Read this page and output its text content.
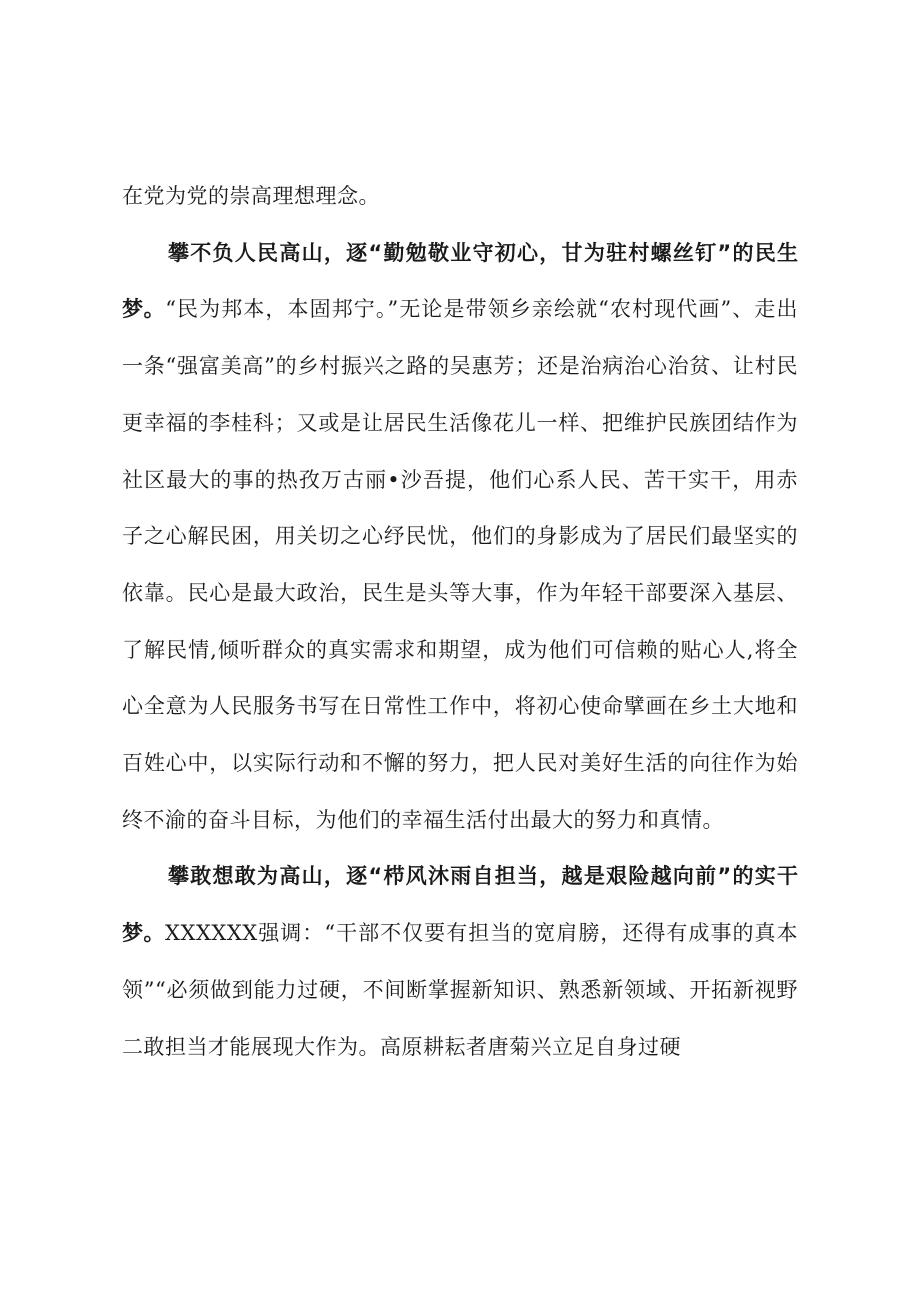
在党为党的崇高理想理念。

攀不负人民高山，逐“勤勉敬业守初心，甘为驻村螺丝钉”的民生梦。“民为邦本，本固邦宁。”无论是带领乡亲绘就“农村现代画”、走出一条“强富美高”的乡村振兴之路的吴惠芳；还是治病治心治贫、让村民更幸福的李桂科；又或是让居民生活像花儿一样、把维护民族团结作为社区最大的事的热孜万古丽•沙吾提，他们心系人民、苦干实干，用赤子之心解民困，用关切之心纾民忧，他们的身影成为了居民们最坚实的依靠。民心是最大政治，民生是头等大事，作为年轻干部要深入基层、了解民情,倾听群众的真实需求和期望，成为他们可信赖的贴心人,将全心全意为人民服务书写在日常性工作中，将初心使命擘画在乡土大地和百姓心中，以实际行动和不懈的努力，把人民对美好生活的向往作为始终不渝的奋斗目标，为他们的幸福生活付出最大的努力和真情。

攀敢想敢为高山，逐“栉风沐雨自担当，越是艰险越向前”的实干梦。XXXXXX强调：“干部不仅要有担当的宽肩膀，还得有成事的真本领”“必须做到能力过硬，不间断掌握新知识、熟悉新领域、开拓新视野二敢担当才能展现大作为。高原耕耘者唐菊兴立足自身过硬
